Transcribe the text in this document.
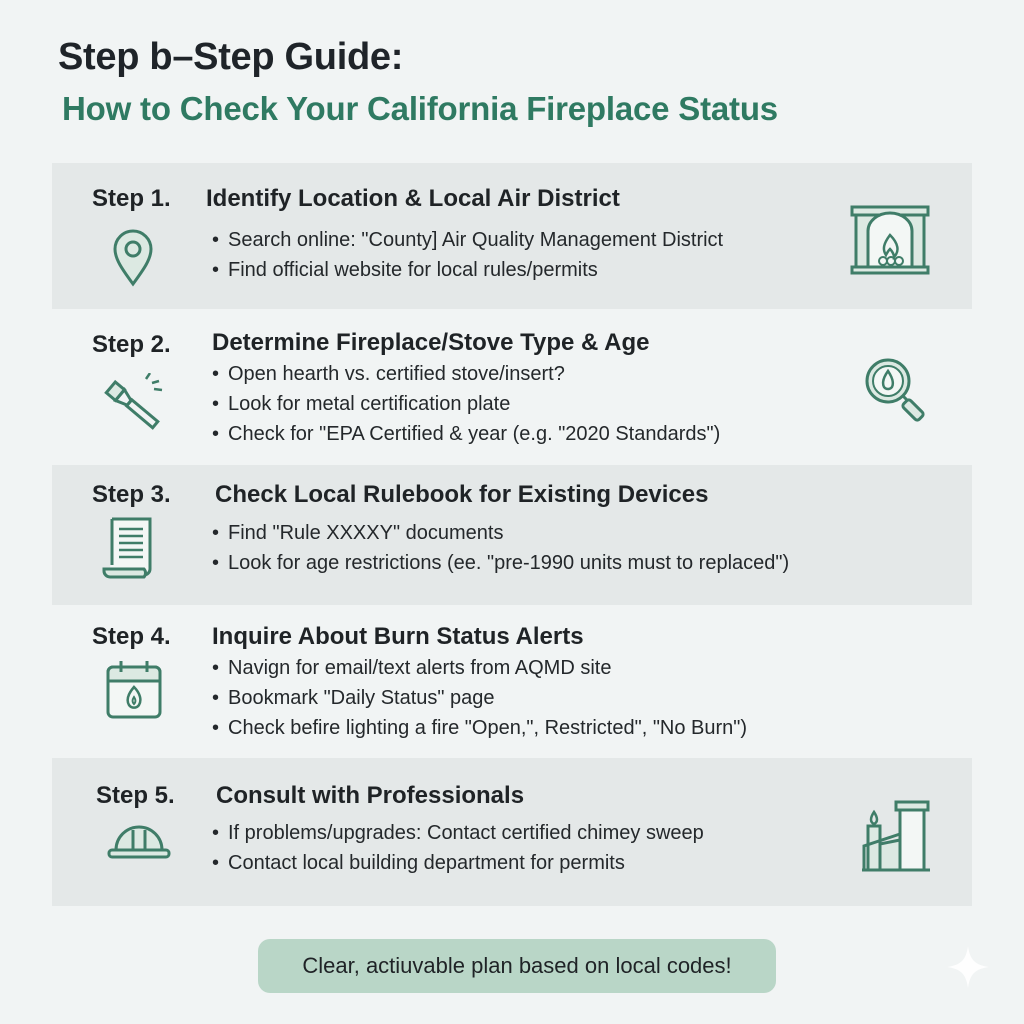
Step b–Step Guide:
How to Check Your California Fireplace Status
Step 1. Identify Location & Local Air District
• Search online: "County] Air Quality Management District
• Find official website for local rules/permits
Step 2. Determine Fireplace/Stove Type & Age
• Open hearth vs. certified stove/insert?
• Look for metal certification plate
• Check for "EPA Certified & year (e.g. "2020 Standards")
Step 3. Check Local Rulebook for Existing Devices
• Find "Rule XXXXY" documents
• Look for age restrictions (ee. "pre-1990 units must to replaced")
Step 4. Inquire About Burn Status Alerts
• Navign for email/text alerts from AQMD site
• Bookmark "Daily Status" page
• Check befire lighting a fire "Open,", Restricted", "No Burn")
Step 5. Consult with Professionals
• If problems/upgrades: Contact certified chimey sweep
• Contact local building department for permits
Clear, actiuvable plan based on local codes!
